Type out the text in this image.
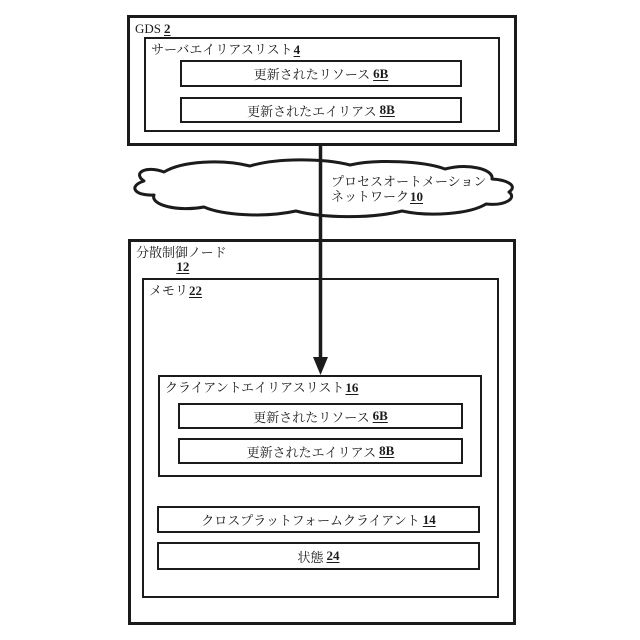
GDS 2
サーバエイリアスリスト4
更新されたリソース 6B
更新されたエイリアス 8B
プロセスオートメーション
ネットワーク10
分散制御ノード
12
メモリ22
クライアントエイリアスリスト16
更新されたリソース 6B
更新されたエイリアス 8B
クロスプラットフォームクライアント 14
状態 24
